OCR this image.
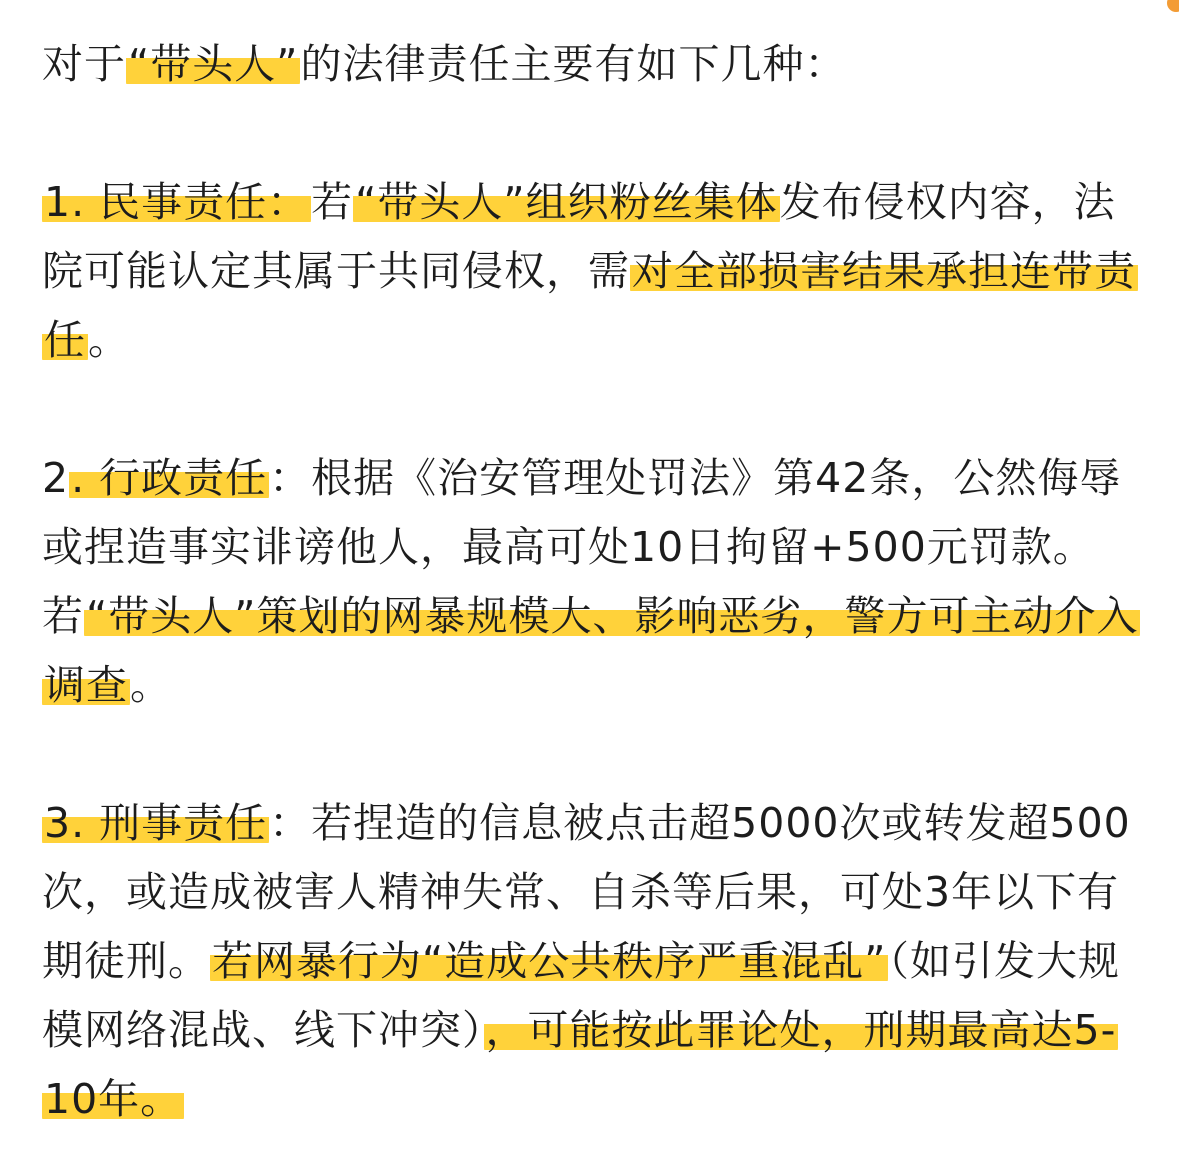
对于“带头人”的法律责任主要有如下几种：

1. 民事责任：若“带头人”组织粉丝集体发布侵权内容，法院可能认定其属于共同侵权，需对全部损害结果承担连带责任。

2. 行政责任：根据《治安管理处罚法》第42条，公然侮辱或捏造事实诽谤他人，最高可处10日拘留+500元罚款。若“带头人”策划的网暴规模大、影响恶劣，警方可主动介入调查。

3. 刑事责任：若捏造的信息被点击超5000次或转发超500次，或造成被害人精神失常、自杀等后果，可处3年以下有期徒刑。若网暴行为“造成公共秩序严重混乱”（如引发大规模网络混战、线下冲突），可能按此罪论处，刑期最高达5-10年。
